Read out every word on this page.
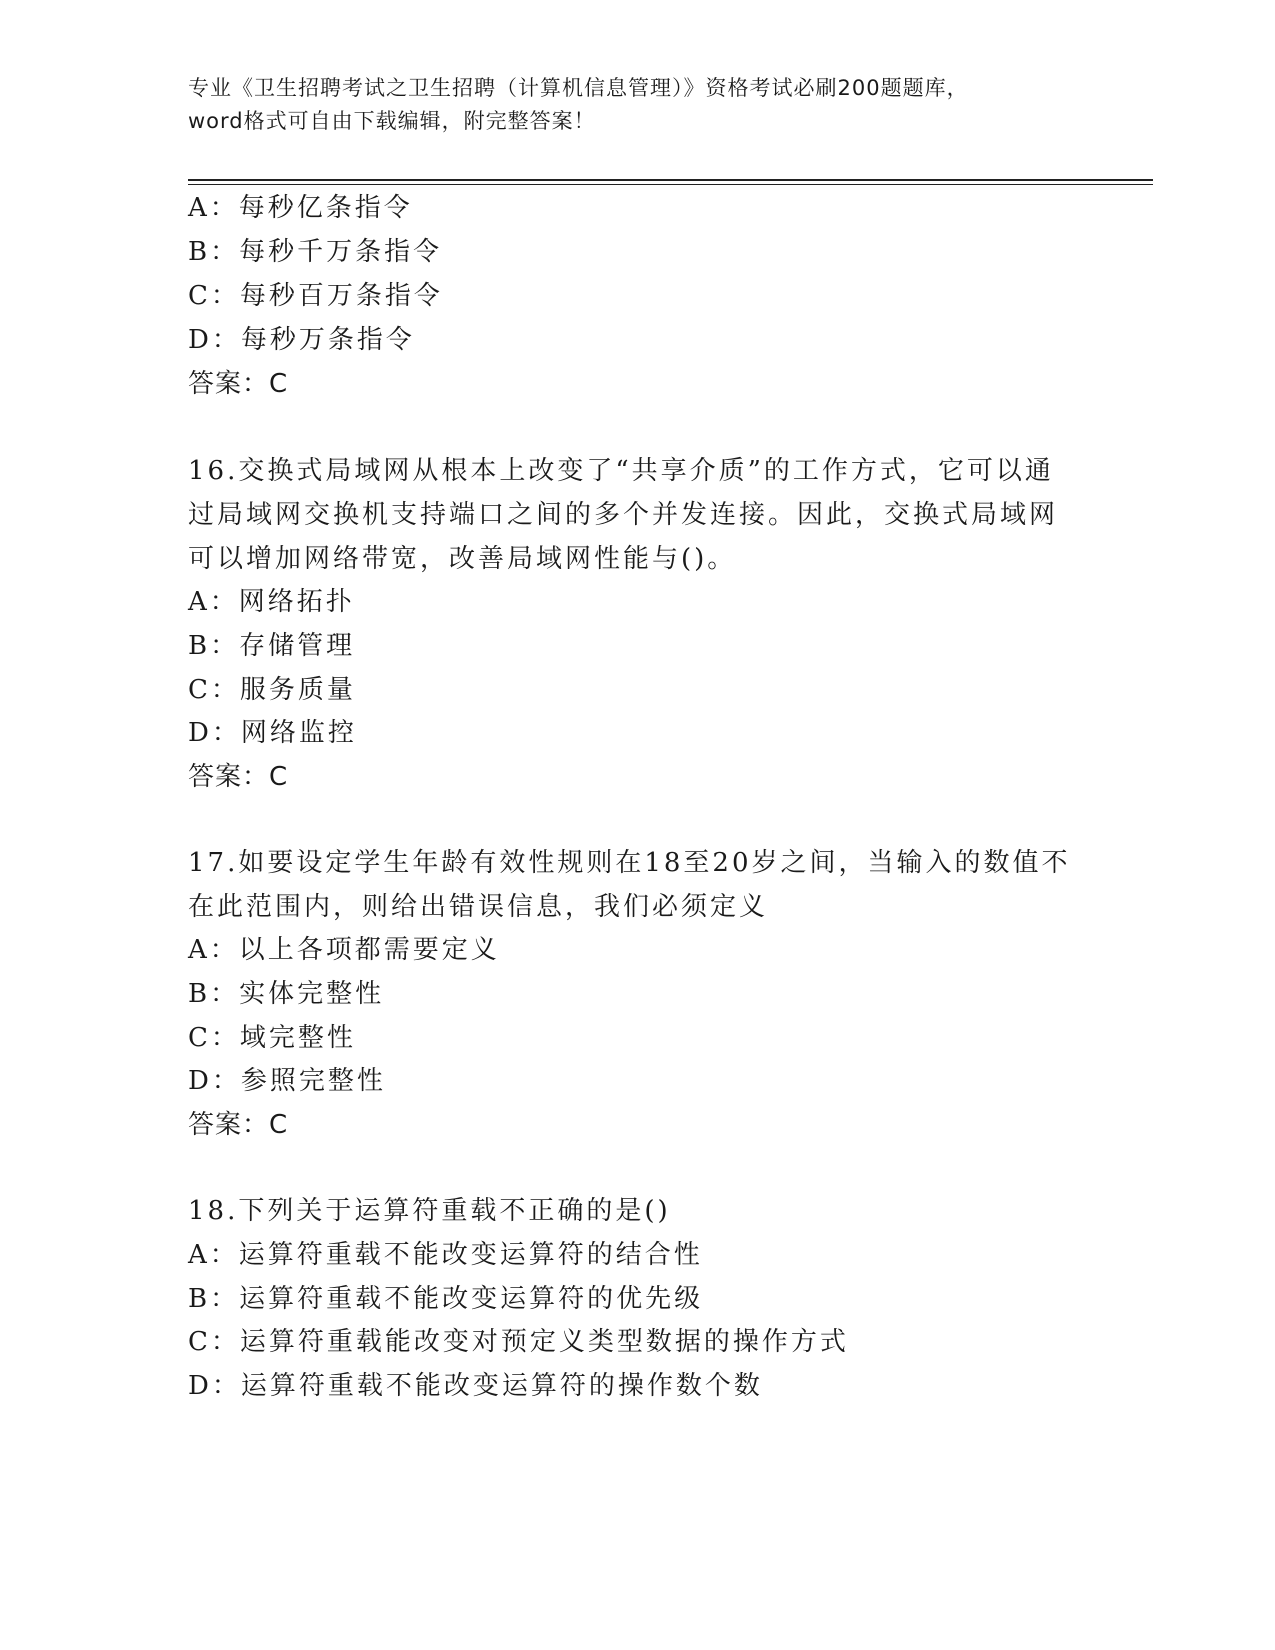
专业《卫生招聘考试之卫生招聘（计算机信息管理）》资格考试必刷200题题库，
word格式可自由下载编辑，附完整答案！
A：每秒亿条指令
B：每秒千万条指令
C：每秒百万条指令
D：每秒万条指令
答案：C
16.交换式局域网从根本上改变了“共享介质”的工作方式，它可以通
过局域网交换机支持端口之间的多个并发连接。因此，交换式局域网
可以增加网络带宽，改善局域网性能与()。
A：网络拓扑
B：存储管理
C：服务质量
D：网络监控
答案：C
17.如要设定学生年龄有效性规则在18至20岁之间，当输入的数值不
在此范围内，则给出错误信息，我们必须定义
A：以上各项都需要定义
B：实体完整性
C：域完整性
D：参照完整性
答案：C
18.下列关于运算符重载不正确的是()
A：运算符重载不能改变运算符的结合性
B：运算符重载不能改变运算符的优先级
C：运算符重载能改变对预定义类型数据的操作方式
D：运算符重载不能改变运算符的操作数个数
